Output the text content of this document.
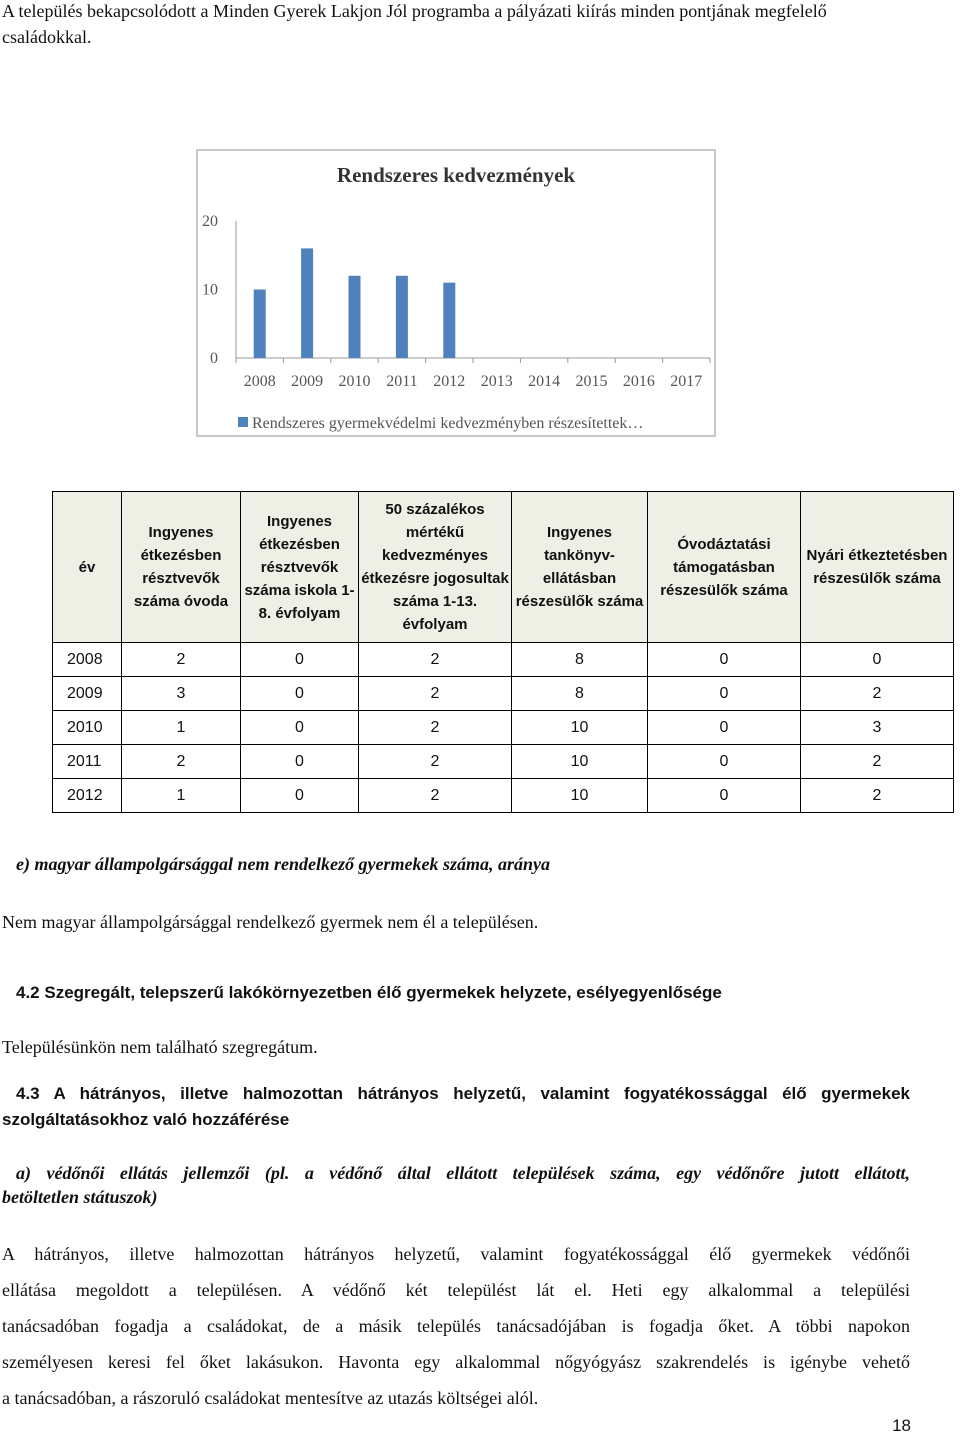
A település bekapcsolódott a Minden Gyerek Lakjon Jól programba a pályázati kiírás minden pontjának megfelelő családokkal.
Rendszeres kedvezmények
0
10
20
2008 2009 2010 2011 2012 2013 2014 2015 2016 2017
Rendszeres gyermekvédelmi kedvezményben részesítettek…
év	Ingyenes étkezésben résztvevők száma óvoda	Ingyenes étkezésben résztvevők száma iskola 1-8. évfolyam	50 százalékos mértékű kedvezményes étkezésre jogosultak száma 1-13. évfolyam	Ingyenes tankönyv-ellátásban részesülők száma	Óvodáztatási támogatásban részesülők száma	Nyári étkeztetésben részesülők száma
2008	2	0	2	8	0	0
2009	3	0	2	8	0	2
2010	1	0	2	10	0	3
2011	2	0	2	10	0	2
2012	1	0	2	10	0	2
e) magyar állampolgársággal nem rendelkező gyermekek száma, aránya
Nem magyar állampolgársággal rendelkező gyermek nem él a településen.
4.2 Szegregált, telepszerű lakókörnyezetben élő gyermekek helyzete, esélyegyenlősége
Településünkön nem található szegregátum.
4.3 A hátrányos, illetve halmozottan hátrányos helyzetű, valamint fogyatékossággal élő gyermekek
szolgáltatásokhoz való hozzáférése
a) védőnői ellátás jellemzői (pl. a védőnő által ellátott települések száma, egy védőnőre jutott ellátott,
betöltetlen státuszok)
A hátrányos, illetve halmozottan hátrányos helyzetű, valamint fogyatékossággal élő gyermekek védőnői
ellátása megoldott a településen. A védőnő két települést lát el. Heti egy alkalommal a települési
tanácsadóban fogadja a családokat, de a másik település tanácsadójában is fogadja őket. A többi napokon
személyesen keresi fel őket lakásukon. Havonta egy alkalommal nőgyógyász szakrendelés is igénybe vehető
a tanácsadóban, a rászoruló családokat mentesítve az utazás költségei alól.
18
